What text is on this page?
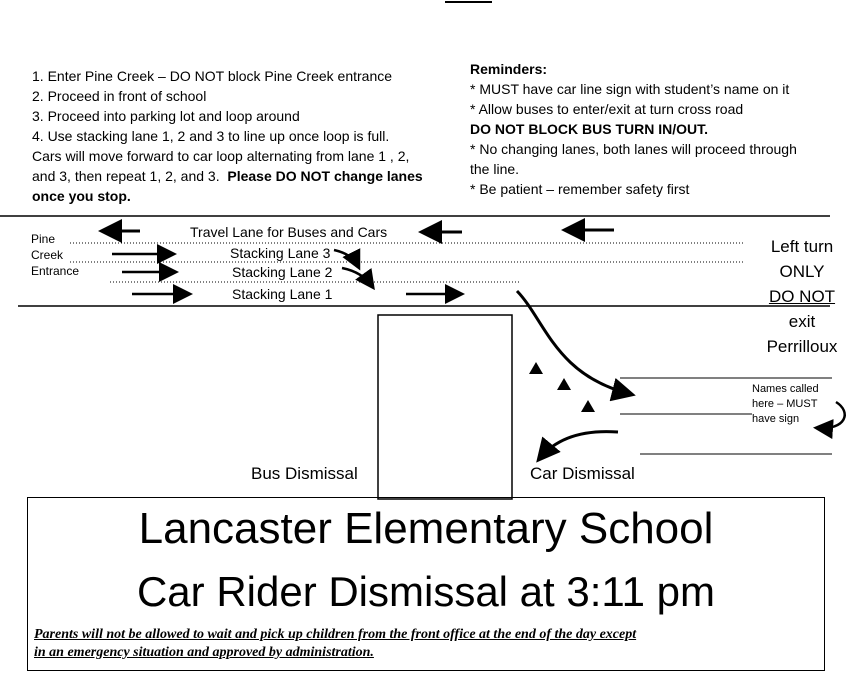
1. Enter Pine Creek – DO NOT block Pine Creek entrance
2. Proceed in front of school
3. Proceed into parking lot and loop around
4. Use stacking lane 1, 2 and 3 to line up once loop is full.
Cars will move forward to car loop alternating from lane 1 , 2,
and 3, then repeat 1, 2, and 3. Please DO NOT change lanes
once you stop.
Reminders:
* MUST have car line sign with student’s name on it
* Allow buses to enter/exit at turn cross road
DO NOT BLOCK BUS TURN IN/OUT.
* No changing lanes, both lanes will proceed through
the line.
* Be patient – remember safety first
Pine
Creek
Entrance
Travel Lane for Buses and Cars
Stacking Lane 3
Stacking Lane 2
Stacking Lane 1
Left turn
ONLY
DO NOT
exit
Perrilloux
Names called
here – MUST
have sign
Bus Dismissal	Car Dismissal
Lancaster Elementary School
Car Rider Dismissal at 3:11 pm
Parents will not be allowed to wait and pick up children from the front office at the end of the day except
in an emergency situation and approved by administration.
